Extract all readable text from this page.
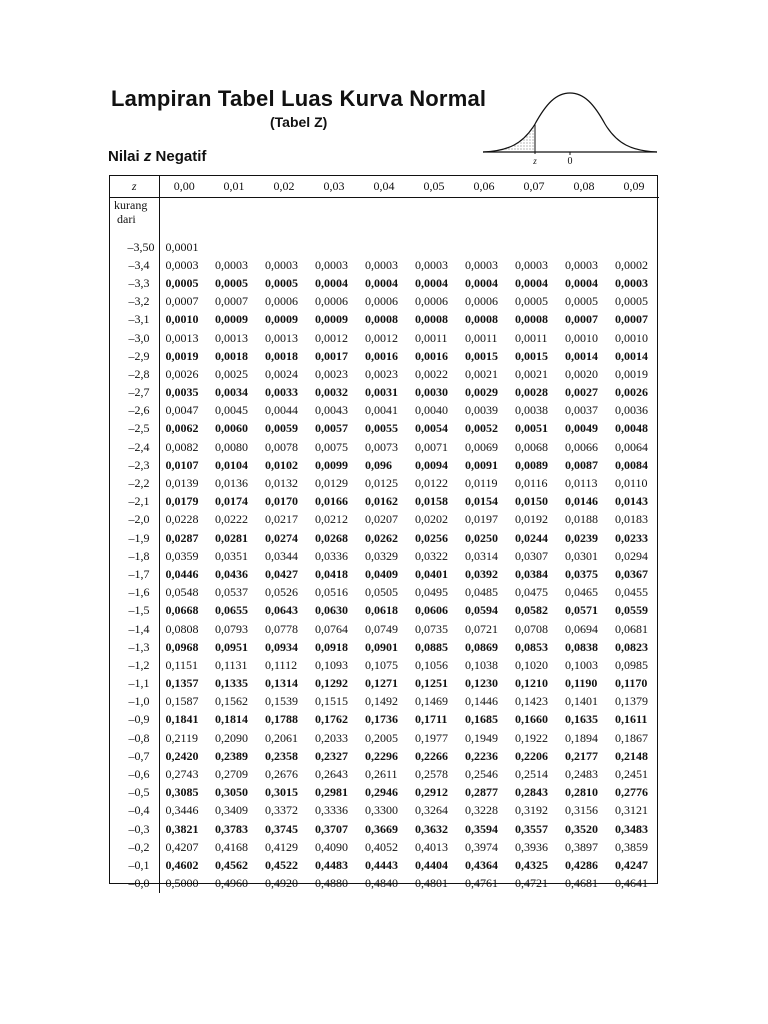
Lampiran Tabel Luas Kurva Normal
(Tabel Z)
Nilai z Negatif	z	0
z	0,00	0,01	0,02	0,03	0,04	0,05	0,06	0,07	0,08	0,09

kurang
dari										

–3,50	0,0001									
–3,4	0,0003	0,0003	0,0003	0,0003	0,0003	0,0003	0,0003	0,0003	0,0003	0,0002
–3,3	0,0005	0,0005	0,0005	0,0004	0,0004	0,0004	0,0004	0,0004	0,0004	0,0003
–3,2	0,0007	0,0007	0,0006	0,0006	0,0006	0,0006	0,0006	0,0005	0,0005	0,0005
–3,1	0,0010	0,0009	0,0009	0,0009	0,0008	0,0008	0,0008	0,0008	0,0007	0,0007
–3,0	0,0013	0,0013	0,0013	0,0012	0,0012	0,0011	0,0011	0,0011	0,0010	0,0010
–2,9	0,0019	0,0018	0,0018	0,0017	0,0016	0,0016	0,0015	0,0015	0,0014	0,0014
–2,8	0,0026	0,0025	0,0024	0,0023	0,0023	0,0022	0,0021	0,0021	0,0020	0,0019
–2,7	0,0035	0,0034	0,0033	0,0032	0,0031	0,0030	0,0029	0,0028	0,0027	0,0026
–2,6	0,0047	0,0045	0,0044	0,0043	0,0041	0,0040	0,0039	0,0038	0,0037	0,0036
–2,5	0,0062	0,0060	0,0059	0,0057	0,0055	0,0054	0,0052	0,0051	0,0049	0,0048
–2,4	0,0082	0,0080	0,0078	0,0075	0,0073	0,0071	0,0069	0,0068	0,0066	0,0064
–2,3	0,0107	0,0104	0,0102	0,0099	0,096	0,0094	0,0091	0,0089	0,0087	0,0084
–2,2	0,0139	0,0136	0,0132	0,0129	0,0125	0,0122	0,0119	0,0116	0,0113	0,0110
–2,1	0,0179	0,0174	0,0170	0,0166	0,0162	0,0158	0,0154	0,0150	0,0146	0,0143
–2,0	0,0228	0,0222	0,0217	0,0212	0,0207	0,0202	0,0197	0,0192	0,0188	0,0183
–1,9	0,0287	0,0281	0,0274	0,0268	0,0262	0,0256	0,0250	0,0244	0,0239	0,0233
–1,8	0,0359	0,0351	0,0344	0,0336	0,0329	0,0322	0,0314	0,0307	0,0301	0,0294
–1,7	0,0446	0,0436	0,0427	0,0418	0,0409	0,0401	0,0392	0,0384	0,0375	0,0367
–1,6	0,0548	0,0537	0,0526	0,0516	0,0505	0,0495	0,0485	0,0475	0,0465	0,0455
–1,5	0,0668	0,0655	0,0643	0,0630	0,0618	0,0606	0,0594	0,0582	0,0571	0,0559
–1,4	0,0808	0,0793	0,0778	0,0764	0,0749	0,0735	0,0721	0,0708	0,0694	0,0681
–1,3	0,0968	0,0951	0,0934	0,0918	0,0901	0,0885	0,0869	0,0853	0,0838	0,0823
–1,2	0,1151	0,1131	0,1112	0,1093	0,1075	0,1056	0,1038	0,1020	0,1003	0,0985
–1,1	0,1357	0,1335	0,1314	0,1292	0,1271	0,1251	0,1230	0,1210	0,1190	0,1170
–1,0	0,1587	0,1562	0,1539	0,1515	0,1492	0,1469	0,1446	0,1423	0,1401	0,1379
–0,9	0,1841	0,1814	0,1788	0,1762	0,1736	0,1711	0,1685	0,1660	0,1635	0,1611
–0,8	0,2119	0,2090	0,2061	0,2033	0,2005	0,1977	0,1949	0,1922	0,1894	0,1867
–0,7	0,2420	0,2389	0,2358	0,2327	0,2296	0,2266	0,2236	0,2206	0,2177	0,2148
–0,6	0,2743	0,2709	0,2676	0,2643	0,2611	0,2578	0,2546	0,2514	0,2483	0,2451
–0,5	0,3085	0,3050	0,3015	0,2981	0,2946	0,2912	0,2877	0,2843	0,2810	0,2776
–0,4	0,3446	0,3409	0,3372	0,3336	0,3300	0,3264	0,3228	0,3192	0,3156	0,3121
–0,3	0,3821	0,3783	0,3745	0,3707	0,3669	0,3632	0,3594	0,3557	0,3520	0,3483
–0,2	0,4207	0,4168	0,4129	0,4090	0,4052	0,4013	0,3974	0,3936	0,3897	0,3859
–0,1	0,4602	0,4562	0,4522	0,4483	0,4443	0,4404	0,4364	0,4325	0,4286	0,4247
–0,0	0,5000	0,4960	0,4920	0,4880	0,4840	0,4801	0,4761	0,4721	0,4681	0,4641
